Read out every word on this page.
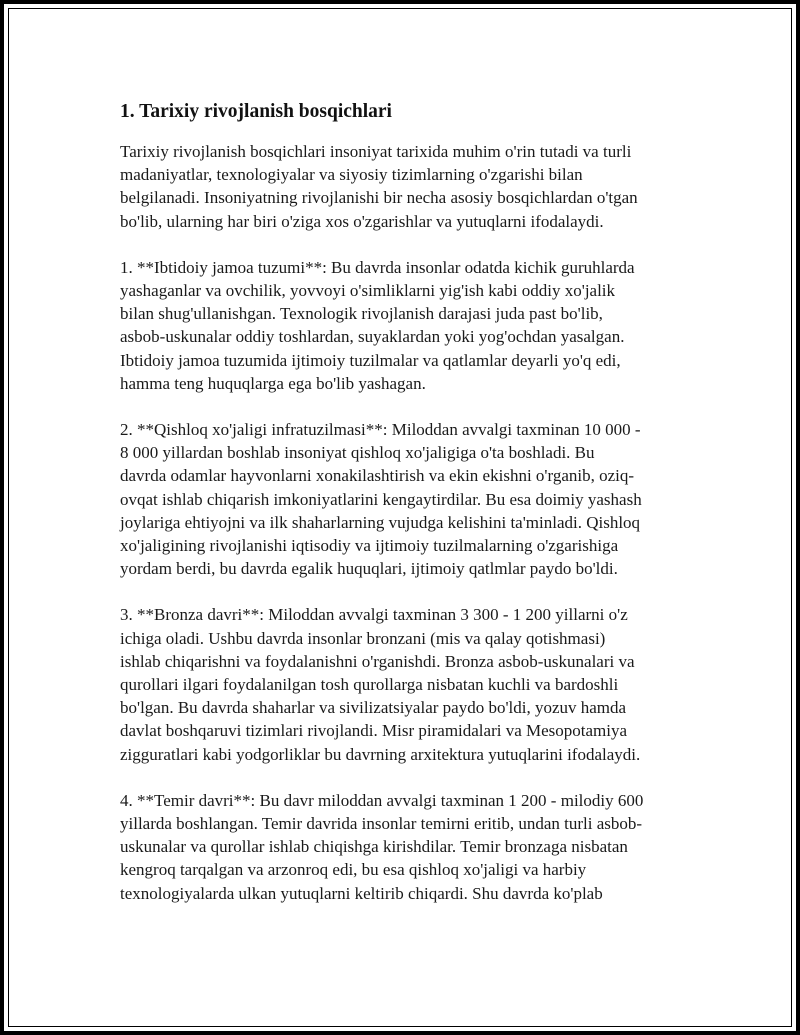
1. Tarixiy rivojlanish bosqichlari

Tarixiy rivojlanish bosqichlari insoniyat tarixida muhim o'rin tutadi va turli
madaniyatlar, texnologiyalar va siyosiy tizimlarning o'zgarishi bilan
belgilanadi. Insoniyatning rivojlanishi bir necha asosiy bosqichlardan o'tgan
bo'lib, ularning har biri o'ziga xos o'zgarishlar va yutuqlarni ifodalaydi.

1. **Ibtidoiy jamoa tuzumi**: Bu davrda insonlar odatda kichik guruhlarda
yashaganlar va ovchilik, yovvoyi o'simliklarni yig'ish kabi oddiy xo'jalik
bilan shug'ullanishgan. Texnologik rivojlanish darajasi juda past bo'lib,
asbob-uskunalar oddiy toshlardan, suyaklardan yoki yog'ochdan yasalgan.
Ibtidoiy jamoa tuzumida ijtimoiy tuzilmalar va qatlamlar deyarli yo'q edi,
hamma teng huquqlarga ega bo'lib yashagan.

2. **Qishloq xo'jaligi infratuzilmasi**: Miloddan avvalgi taxminan 10 000 -
8 000 yillardan boshlab insoniyat qishloq xo'jaligiga o'ta boshladi. Bu
davrda odamlar hayvonlarni xonakilashtirish va ekin ekishni o'rganib, oziq-
ovqat ishlab chiqarish imkoniyatlarini kengaytirdilar. Bu esa doimiy yashash
joylariga ehtiyojni va ilk shaharlarning vujudga kelishini ta'minladi. Qishloq
xo'jaligining rivojlanishi iqtisodiy va ijtimoiy tuzilmalarning o'zgarishiga
yordam berdi, bu davrda egalik huquqlari, ijtimoiy qatlmlar paydo bo'ldi.

3. **Bronza davri**: Miloddan avvalgi taxminan 3 300 - 1 200 yillarni o'z
ichiga oladi. Ushbu davrda insonlar bronzani (mis va qalay qotishmasi)
ishlab chiqarishni va foydalanishni o'rganishdi. Bronza asbob-uskunalari va
qurollari ilgari foydalanilgan tosh qurollarga nisbatan kuchli va bardoshli
bo'lgan. Bu davrda shaharlar va sivilizatsiyalar paydo bo'ldi, yozuv hamda
davlat boshqaruvi tizimlari rivojlandi. Misr piramidalari va Mesopotamiya
zigguratlari kabi yodgorliklar bu davrning arxitektura yutuqlarini ifodalaydi.

4. **Temir davri**: Bu davr miloddan avvalgi taxminan 1 200 - milodiy 600
yillarda boshlangan. Temir davrida insonlar temirni eritib, undan turli asbob-
uskunalar va qurollar ishlab chiqishga kirishdilar. Temir bronzaga nisbatan
kengroq tarqalgan va arzonroq edi, bu esa qishloq xo'jaligi va harbiy
texnologiyalarda ulkan yutuqlarni keltirib chiqardi. Shu davrda ko'plab
